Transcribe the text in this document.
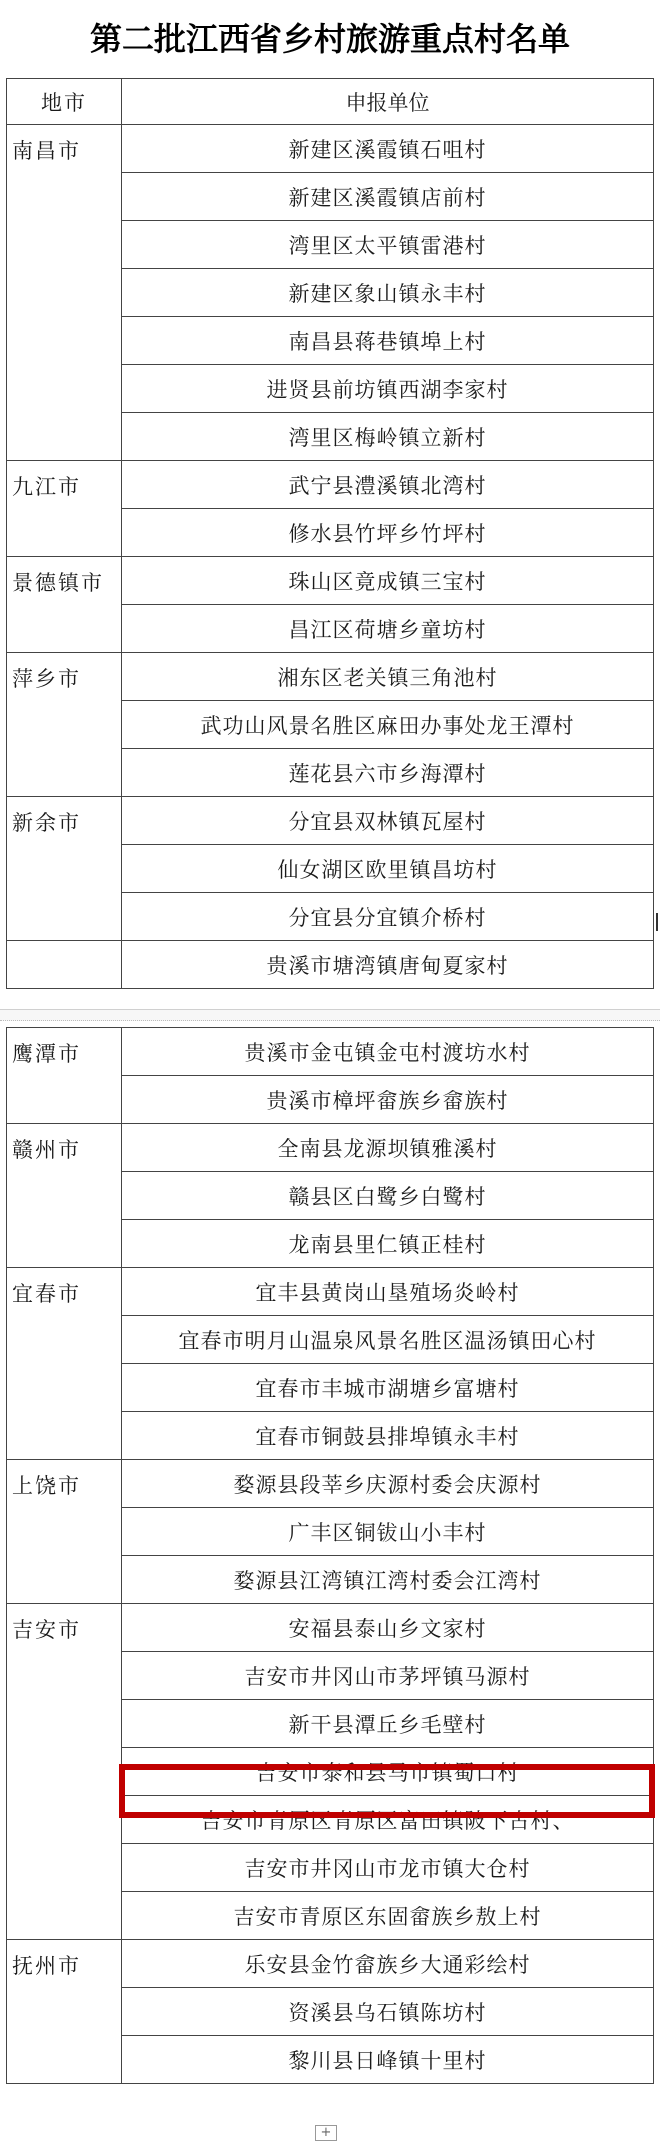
第二批江西省乡村旅游重点村名单
地市	申报单位
南昌市	新建区溪霞镇石咀村
	新建区溪霞镇店前村
	湾里区太平镇雷港村
	新建区象山镇永丰村
	南昌县蒋巷镇埠上村
	进贤县前坊镇西湖李家村
	湾里区梅岭镇立新村
九江市	武宁县澧溪镇北湾村
	修水县竹坪乡竹坪村
景德镇市	珠山区竟成镇三宝村
	昌江区荷塘乡童坊村
萍乡市	湘东区老关镇三角池村
	武功山风景名胜区麻田办事处龙王潭村
	莲花县六市乡海潭村
新余市	分宜县双林镇瓦屋村
	仙女湖区欧里镇昌坊村
	分宜县分宜镇介桥村
	贵溪市塘湾镇唐甸夏家村
鹰潭市	贵溪市金屯镇金屯村渡坊水村
	贵溪市樟坪畲族乡畲族村
赣州市	全南县龙源坝镇雅溪村
	赣县区白鹭乡白鹭村
	龙南县里仁镇正桂村
宜春市	宜丰县黄岗山垦殖场炎岭村
	宜春市明月山温泉风景名胜区温汤镇田心村
	宜春市丰城市湖塘乡富塘村
	宜春市铜鼓县排埠镇永丰村
上饶市	婺源县段莘乡庆源村委会庆源村
	广丰区铜钹山小丰村
	婺源县江湾镇江湾村委会江湾村
吉安市	安福县泰山乡文家村
	吉安市井冈山市茅坪镇马源村
	新干县潭丘乡毛壁村
	吉安市泰和县马市镇蜀口村
	吉安市青原区青原区富田镇陂下古村、
	吉安市井冈山市龙市镇大仓村
	吉安市青原区东固畲族乡敖上村
抚州市	乐安县金竹畲族乡大通彩绘村
	资溪县乌石镇陈坊村
	黎川县日峰镇十里村
+
